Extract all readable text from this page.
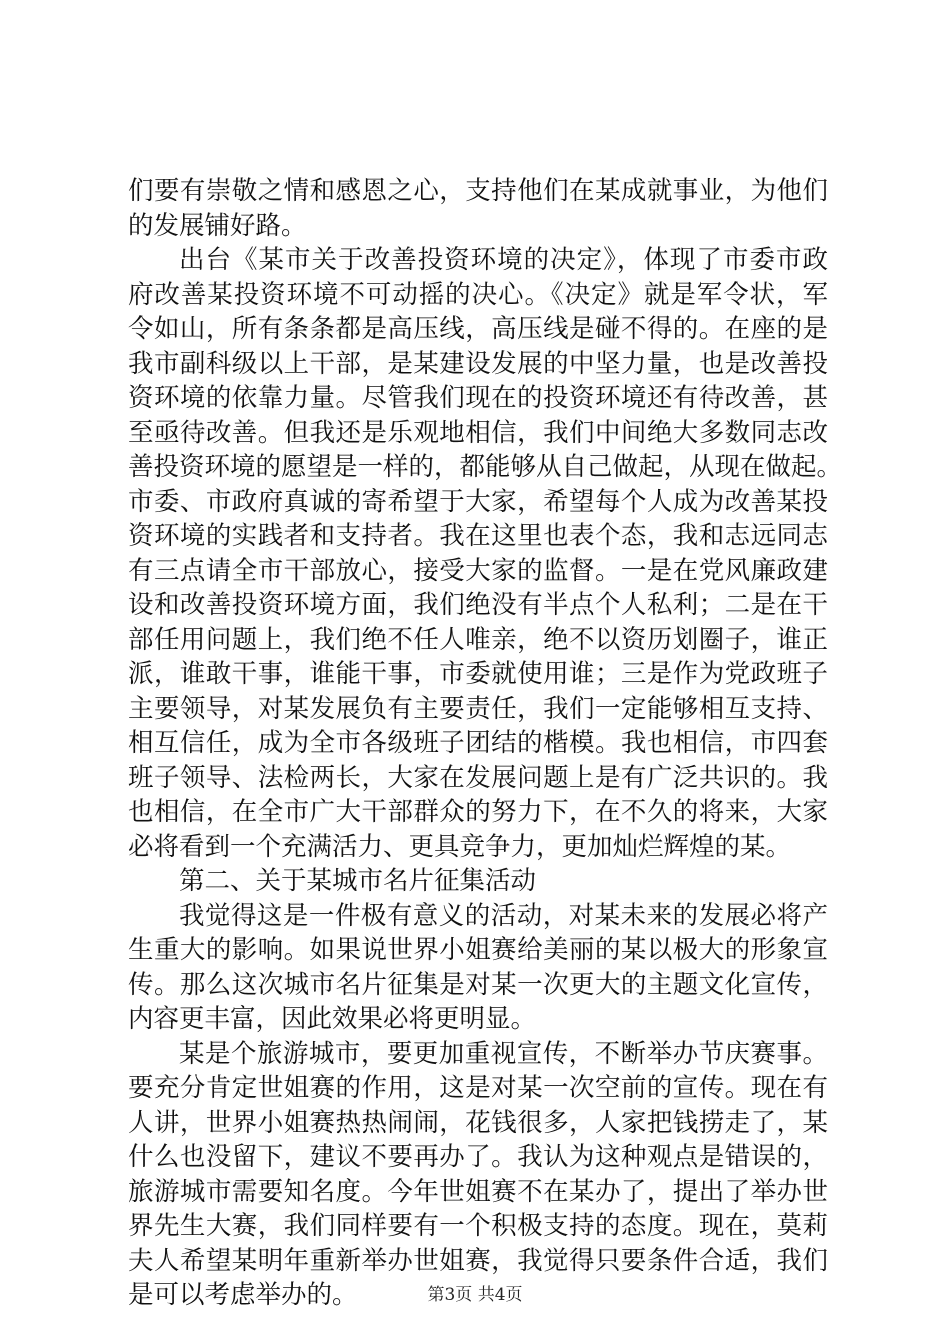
们要有崇敬之情和感恩之心，支持他们在某成就事业，为他们
的发展铺好路。
出台《某市关于改善投资环境的决定》，体现了市委市政
府改善某投资环境不可动摇的决心。《决定》就是军令状，军
令如山，所有条条都是高压线，高压线是碰不得的。在座的是
我市副科级以上干部，是某建设发展的中坚力量，也是改善投
资环境的依靠力量。尽管我们现在的投资环境还有待改善，甚
至亟待改善。但我还是乐观地相信，我们中间绝大多数同志改
善投资环境的愿望是一样的，都能够从自己做起，从现在做起。
市委、市政府真诚的寄希望于大家，希望每个人成为改善某投
资环境的实践者和支持者。我在这里也表个态，我和志远同志
有三点请全市干部放心，接受大家的监督。一是在党风廉政建
设和改善投资环境方面，我们绝没有半点个人私利；二是在干
部任用问题上，我们绝不任人唯亲，绝不以资历划圈子，谁正
派，谁敢干事，谁能干事，市委就使用谁；三是作为党政班子
主要领导，对某发展负有主要责任，我们一定能够相互支持、
相互信任，成为全市各级班子团结的楷模。我也相信，市四套
班子领导、法检两长，大家在发展问题上是有广泛共识的。我
也相信，在全市广大干部群众的努力下，在不久的将来，大家
必将看到一个充满活力、更具竞争力，更加灿烂辉煌的某。
第二、关于某城市名片征集活动
我觉得这是一件极有意义的活动，对某未来的发展必将产
生重大的影响。如果说世界小姐赛给美丽的某以极大的形象宣
传。那么这次城市名片征集是对某一次更大的主题文化宣传，
内容更丰富，因此效果必将更明显。
某是个旅游城市，要更加重视宣传，不断举办节庆赛事。
要充分肯定世姐赛的作用，这是对某一次空前的宣传。现在有
人讲，世界小姐赛热热闹闹，花钱很多，人家把钱捞走了，某
什么也没留下，建议不要再办了。我认为这种观点是错误的，
旅游城市需要知名度。今年世姐赛不在某办了，提出了举办世
界先生大赛，我们同样要有一个积极支持的态度。现在，莫莉
夫人希望某明年重新举办世姐赛，我觉得只要条件合适，我们
是可以考虑举办的。	第3页 共4页
